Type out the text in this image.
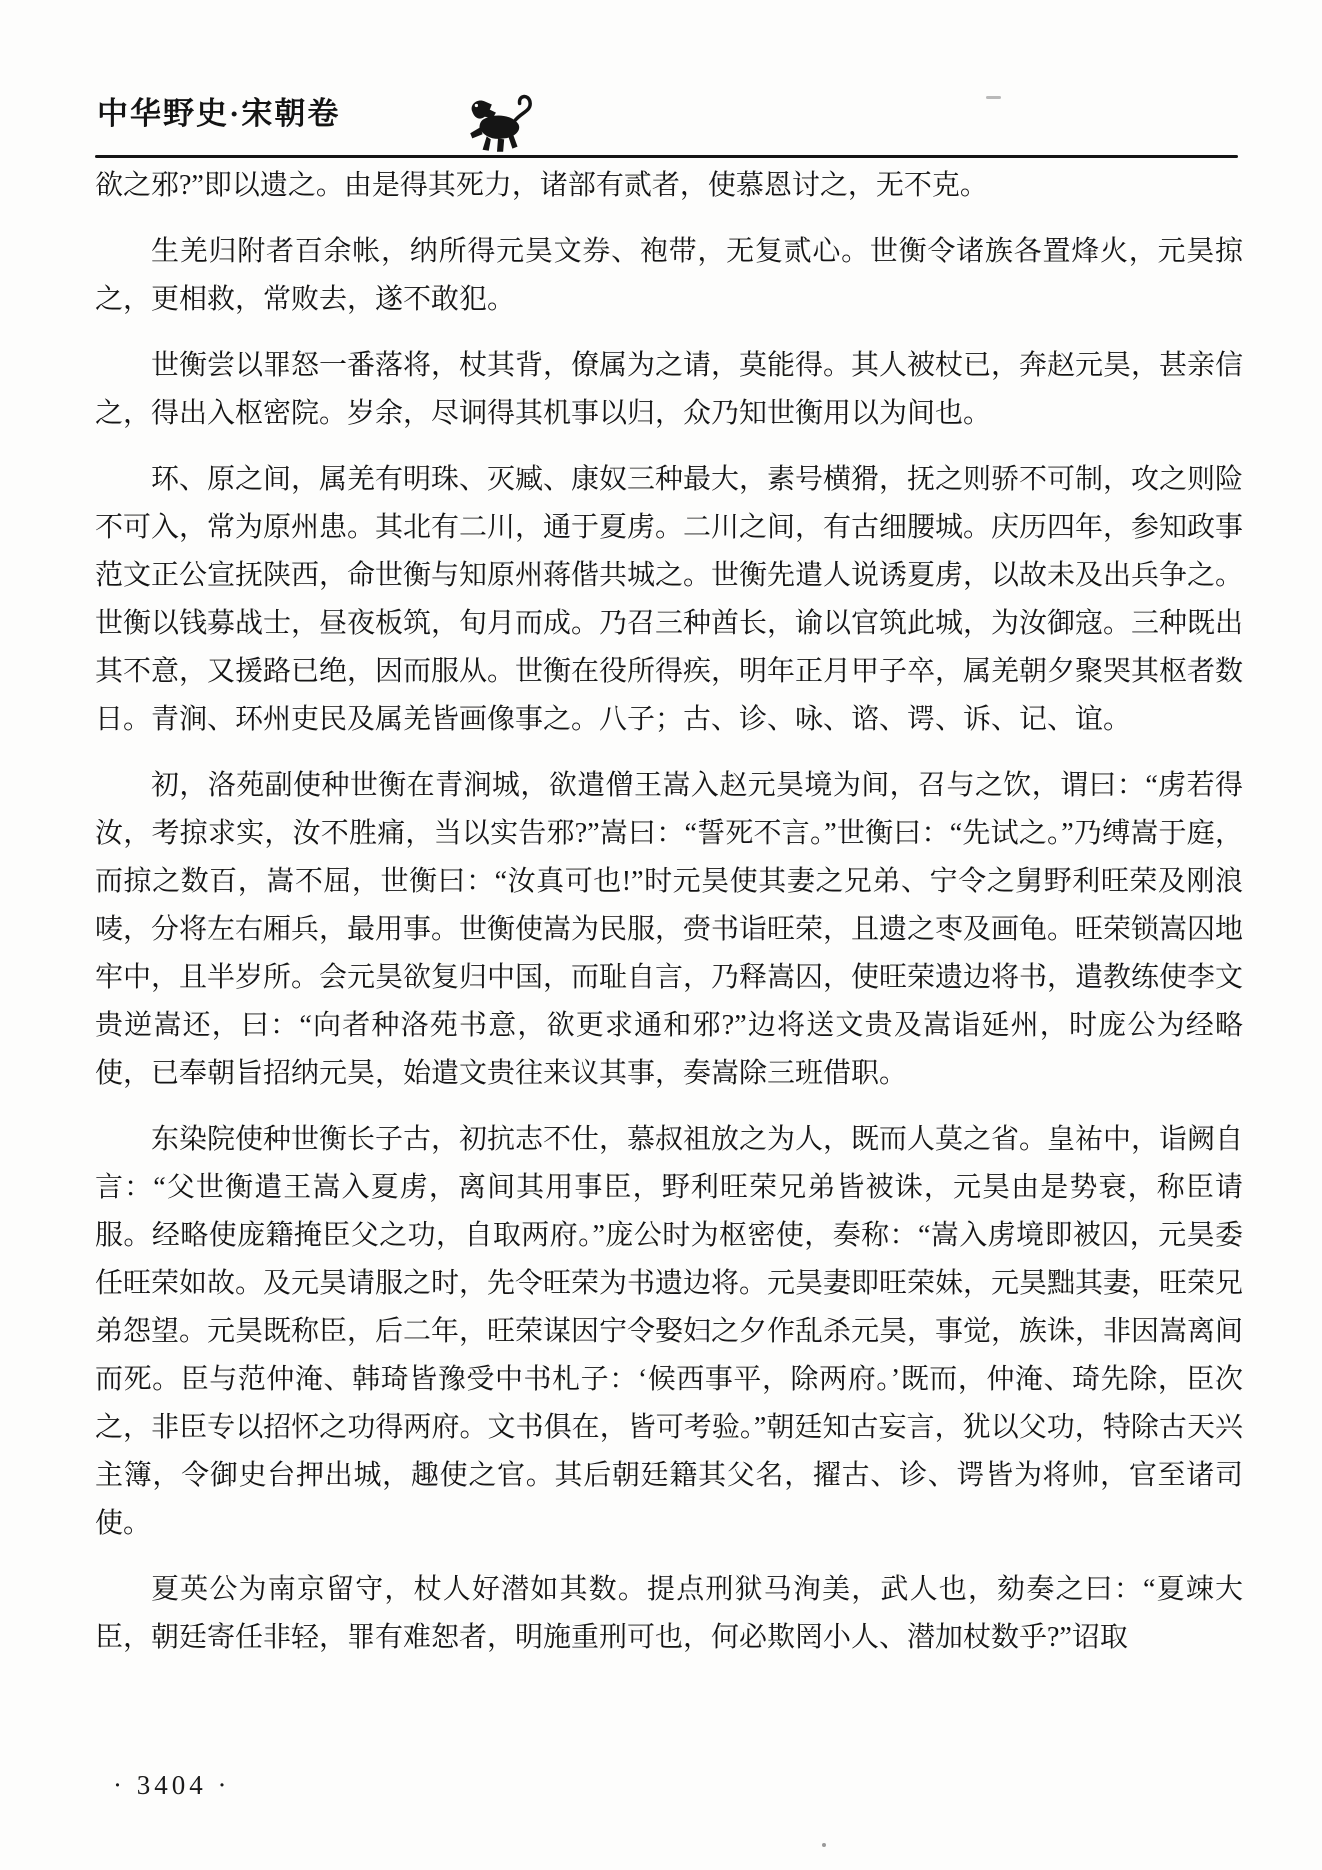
中华野史·宋朝卷

欲之邪?”即以遗之。由是得其死力，诸部有贰者，使慕恩讨之，无不克。

生羌归附者百余帐，纳所得元昊文券、袍带，无复贰心。世衡令诸族各置烽火，元昊掠之，更相救，常败去，遂不敢犯。

世衡尝以罪怒一番落将，杖其背，僚属为之请，莫能得。其人被杖已，奔赵元昊，甚亲信之，得出入枢密院。岁余，尽诇得其机事以归，众乃知世衡用以为间也。

环、原之间，属羌有明珠、灭臧、康奴三种最大，素号横猾，抚之则骄不可制，攻之则险不可入，常为原州患。其北有二川，通于夏虏。二川之间，有古细腰城。庆历四年，参知政事范文正公宣抚陕西，命世衡与知原州蒋偕共城之。世衡先遣人说诱夏虏，以故未及出兵争之。世衡以钱募战士，昼夜板筑，旬月而成。乃召三种酋长，谕以官筑此城，为汝御寇。三种既出其不意，又援路已绝，因而服从。世衡在役所得疾，明年正月甲子卒，属羌朝夕聚哭其枢者数日。青涧、环州吏民及属羌皆画像事之。八子；古、诊、咏、谘、谔、诉、记、谊。

初，洛苑副使种世衡在青涧城，欲遣僧王嵩入赵元昊境为间，召与之饮，谓曰：“虏若得汝，考掠求实，汝不胜痛，当以实告邪?”嵩曰：“誓死不言。”世衡曰：“先试之。”乃缚嵩于庭，而掠之数百，嵩不屈，世衡曰：“汝真可也!”时元昊使其妻之兄弟、宁令之舅野利旺荣及刚浪唛，分将左右厢兵，最用事。世衡使嵩为民服，赍书诣旺荣，且遗之枣及画龟。旺荣锁嵩囚地牢中，且半岁所。会元昊欲复归中国，而耻自言，乃释嵩囚，使旺荣遗边将书，遣教练使李文贵逆嵩还，曰：“向者种洛苑书意，欲更求通和邪?”边将送文贵及嵩诣延州，时庞公为经略使，已奉朝旨招纳元昊，始遣文贵往来议其事，奏嵩除三班借职。

东染院使种世衡长子古，初抗志不仕，慕叔祖放之为人，既而人莫之省。皇祐中，诣阙自言：“父世衡遣王嵩入夏虏，离间其用事臣，野利旺荣兄弟皆被诛，元昊由是势衰，称臣请服。经略使庞籍掩臣父之功，自取两府。”庞公时为枢密使，奏称：“嵩入虏境即被囚，元昊委任旺荣如故。及元昊请服之时，先令旺荣为书遗边将。元昊妻即旺荣妹，元昊黜其妻，旺荣兄弟怨望。元昊既称臣，后二年，旺荣谋因宁令娶妇之夕作乱杀元昊，事觉，族诛，非因嵩离间而死。臣与范仲淹、韩琦皆豫受中书札子：‘候西事平，除两府。’既而，仲淹、琦先除，臣次之，非臣专以招怀之功得两府。文书俱在，皆可考验。”朝廷知古妄言，犹以父功，特除古天兴主簿，令御史台押出城，趣使之官。其后朝廷籍其父名，擢古、诊、谔皆为将帅，官至诸司使。

夏英公为南京留守，杖人好潜如其数。提点刑狱马洵美，武人也，劾奏之曰：“夏竦大臣，朝廷寄任非轻，罪有难恕者，明施重刑可也，何必欺罔小人、潜加杖数乎?”诏取

· 3404 ·
